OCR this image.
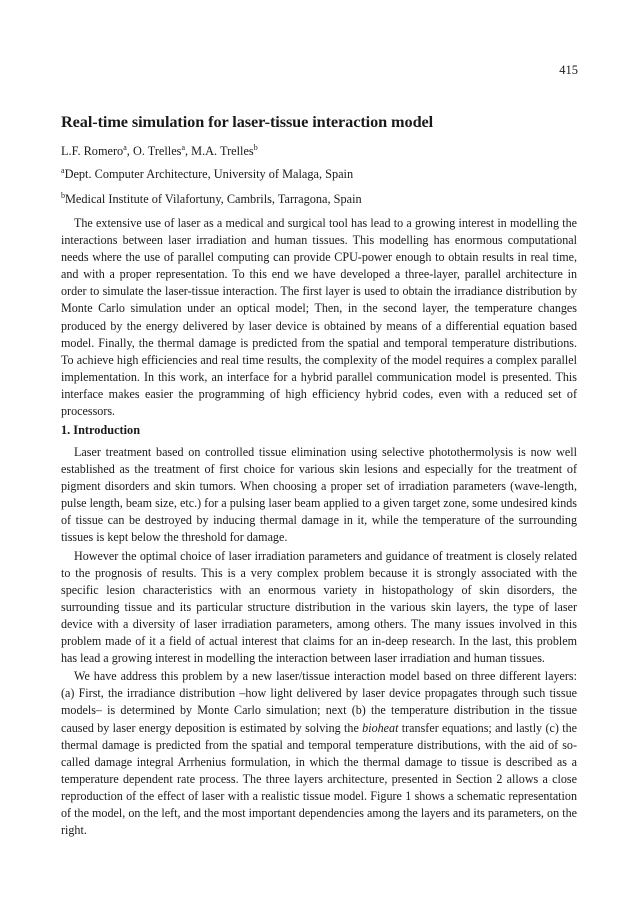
415
Real-time simulation for laser-tissue interaction model
L.F. Romero$^a$, O. Trelles$^a$, M.A. Trelles$^b$
$^a$Dept. Computer Architecture, University of Malaga, Spain
$^b$Medical Institute of Vilafortuny, Cambrils, Tarragona, Spain

The extensive use of laser as a medical and surgical tool has lead to a growing interest in modelling the interactions between laser irradiation and human tissues. This modelling has enormous computational needs where the use of parallel computing can provide CPU-power enough to obtain results in real time, and with a proper representation. To this end we have developed a three-layer, parallel architecture in order to simulate the laser-tissue interaction. The first layer is used to obtain the irradiance distribution by Monte Carlo simulation under an optical model; Then, in the second layer, the temperature changes produced by the energy delivered by laser device is obtained by means of a differential equation based model. Finally, the thermal damage is predicted from the spatial and temporal temperature distributions. To achieve high efficiencies and real time results, the complexity of the model requires a complex parallel implementation. In this work, an interface for a hybrid parallel communication model is presented. This interface makes easier the programming of high efficiency hybrid codes, even with a reduced set of processors.

1. Introduction

Laser treatment based on controlled tissue elimination using selective photothermolysis is now well established as the treatment of first choice for various skin lesions and especially for the treatment of pigment disorders and skin tumors. When choosing a proper set of irradiation parameters (wave-length, pulse length, beam size, etc.) for a pulsing laser beam applied to a given target zone, some undesired kinds of tissue can be destroyed by inducing thermal damage in it, while the temperature of the surrounding tissues is kept below the threshold for damage.

However the optimal choice of laser irradiation parameters and guidance of treatment is closely related to the prognosis of results. This is a very complex problem because it is strongly associated with the specific lesion characteristics with an enormous variety in histopathology of skin disorders, the surrounding tissue and its particular structure distribution in the various skin layers, the type of laser device with a diversity of laser irradiation parameters, among others. The many issues involved in this problem made of it a field of actual interest that claims for an in-deep research. In the last, this problem has lead a growing interest in modelling the interaction between laser irradiation and human tissues.

We have address this problem by a new laser/tissue interaction model based on three different layers: (a) First, the irradiance distribution –how light delivered by laser device propagates through such tissue models– is determined by Monte Carlo simulation; next (b) the temperature distribution in the tissue caused by laser energy deposition is estimated by solving the bioheat transfer equations; and lastly (c) the thermal damage is predicted from the spatial and temporal temperature distributions, with the aid of so-called damage integral Arrhenius formulation, in which the thermal damage to tissue is described as a temperature dependent rate process. The three layers architecture, presented in Section 2 allows a close reproduction of the effect of laser with a realistic tissue model. Figure 1 shows a schematic representation of the model, on the left, and the most important dependencies among the layers and its parameters, on the right.
